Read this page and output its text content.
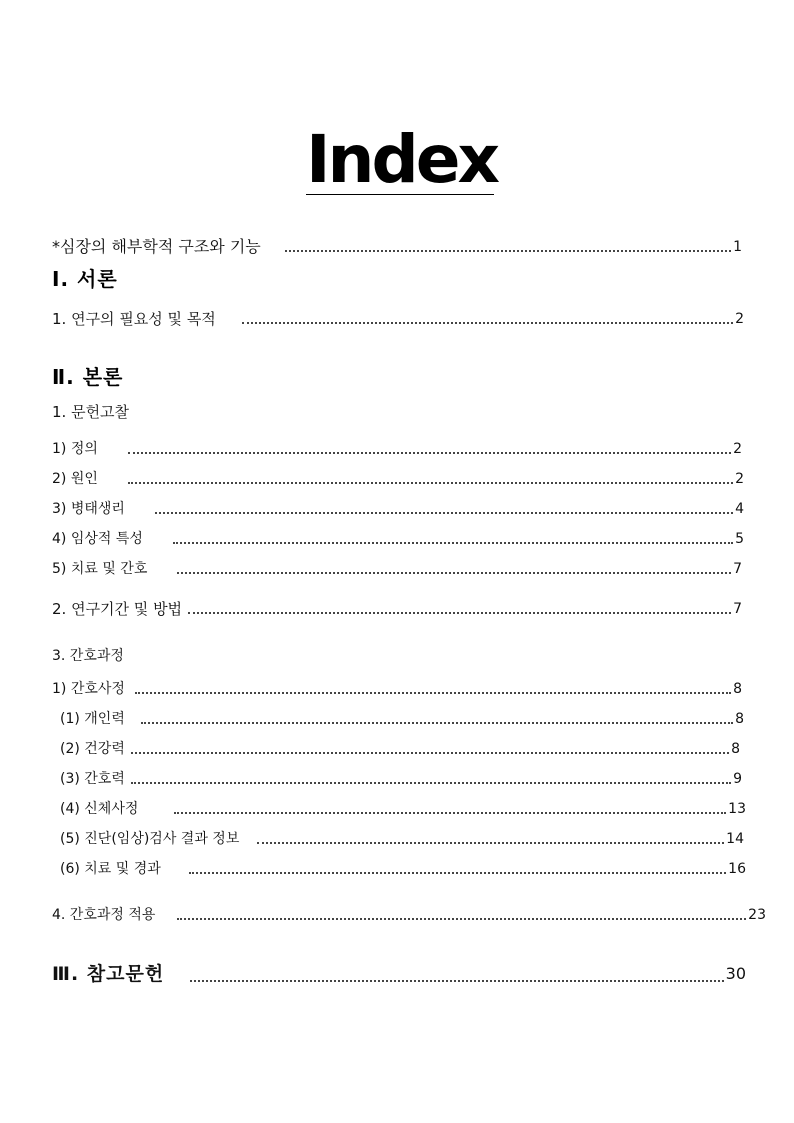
Index
*심장의 해부학적 구조와 기능	1
Ⅰ. 서론
1. 연구의 필요성 및 목적	2
Ⅱ. 본론
1. 문헌고찰
1) 정의	2
2) 원인	2
3) 병태생리	4
4) 임상적 특성	5
5) 치료 및 간호	7
2. 연구기간 및 방법	7
3. 간호과정
1) 간호사정	8
(1) 개인력	8
(2) 건강력	8
(3) 간호력	9
(4) 신체사정	13
(5) 진단(임상)검사 결과 정보	14
(6) 치료 및 경과	16
4. 간호과정 적용	23
Ⅲ. 참고문헌	30
